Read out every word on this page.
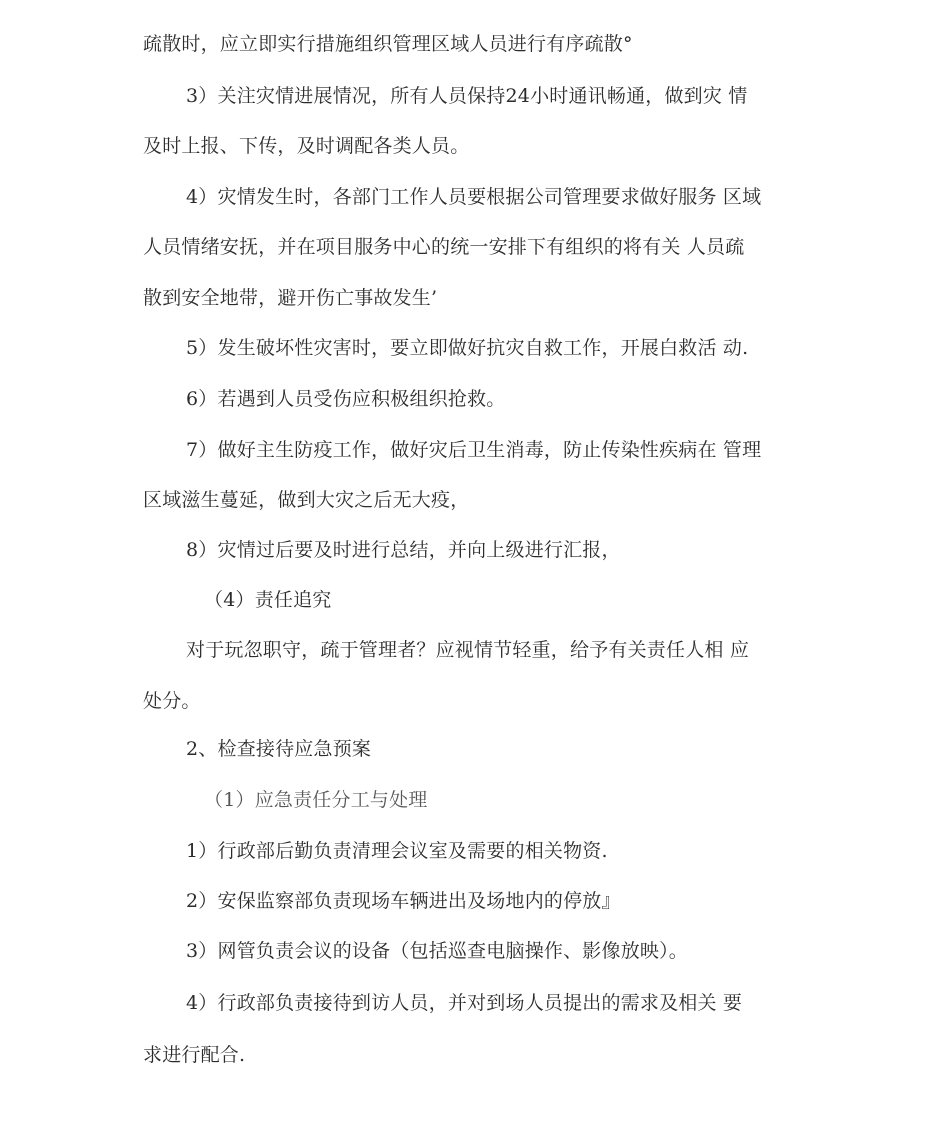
疏散时，应立即实行措施组织管理区域人员进行有序疏散°
3）关注灾情进展情况，所有人员保持24小时通讯畅通，做到灾 情
及时上报、下传，及时调配各类人员。
4）灾情发生时，各部门工作人员要根据公司管理要求做好服务 区域
人员情绪安抚，并在项目服务中心的统一安排下有组织的将有关 人员疏
散到安全地带，避开伤亡事故发生’
5）发生破坏性灾害时，要立即做好抗灾自救工作，开展白救活 动.
6）若遇到人员受伤应积极组织抢救。
7）做好主生防疫工作，做好灾后卫生消毒，防止传染性疾病在 管理
区域滋生蔓延，做到大灾之后无大疫，
8）灾情过后要及时进行总结，并向上级进行汇报，
（4）责任追究
对于玩忽职守，疏于管理者？应视情节轻重，给予有关责任人相 应
处分。
2、检查接待应急预案
（1）应急责任分工与处理
1）行政部后勤负责清理会议室及需要的相关物资.
2）安保监察部负责现场车辆进出及场地内的停放』
3）网管负责会议的设备（包括巡查电脑操作、影像放映）。
4）行政部负责接待到访人员，并对到场人员提出的需求及相关 要
求进行配合.
